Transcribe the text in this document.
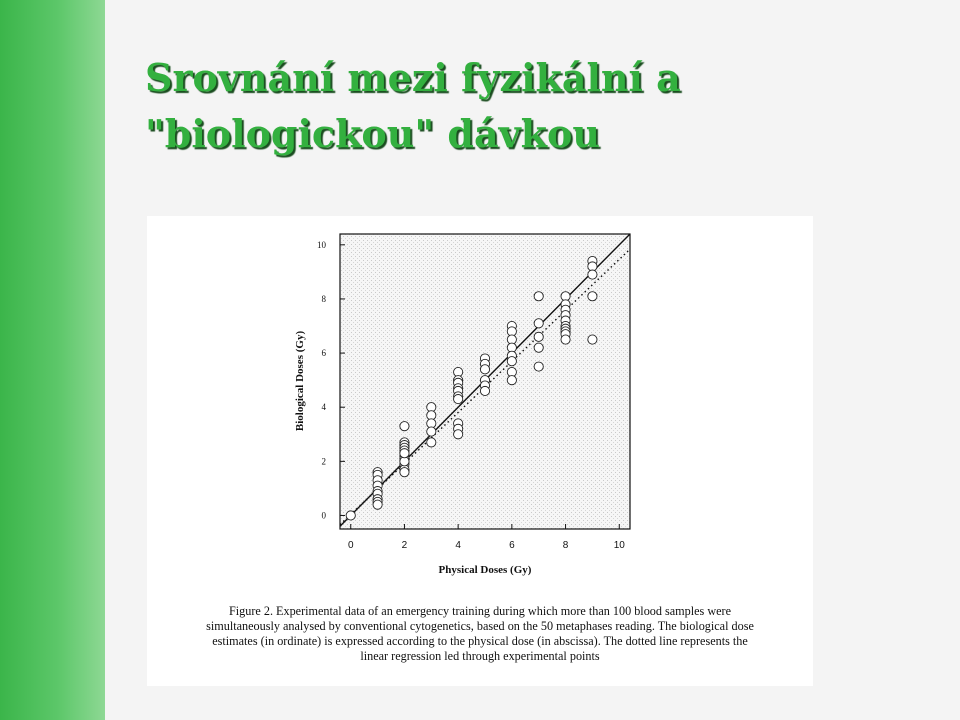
Srovnání mezi fyzikální a
"biologickou" dávkou
0
2
4
6
8
10
0	2	4	6	8	10
Biological Doses (Gy)
Physical Doses (Gy)
Figure 2. Experimental data of an emergency training during which more than 100 blood samples were
simultaneously analysed by conventional cytogenetics, based on the 50 metaphases reading. The biological dose
estimates (in ordinate) is expressed according to the physical dose (in abscissa). The dotted line represents the
linear regression led through experimental points
